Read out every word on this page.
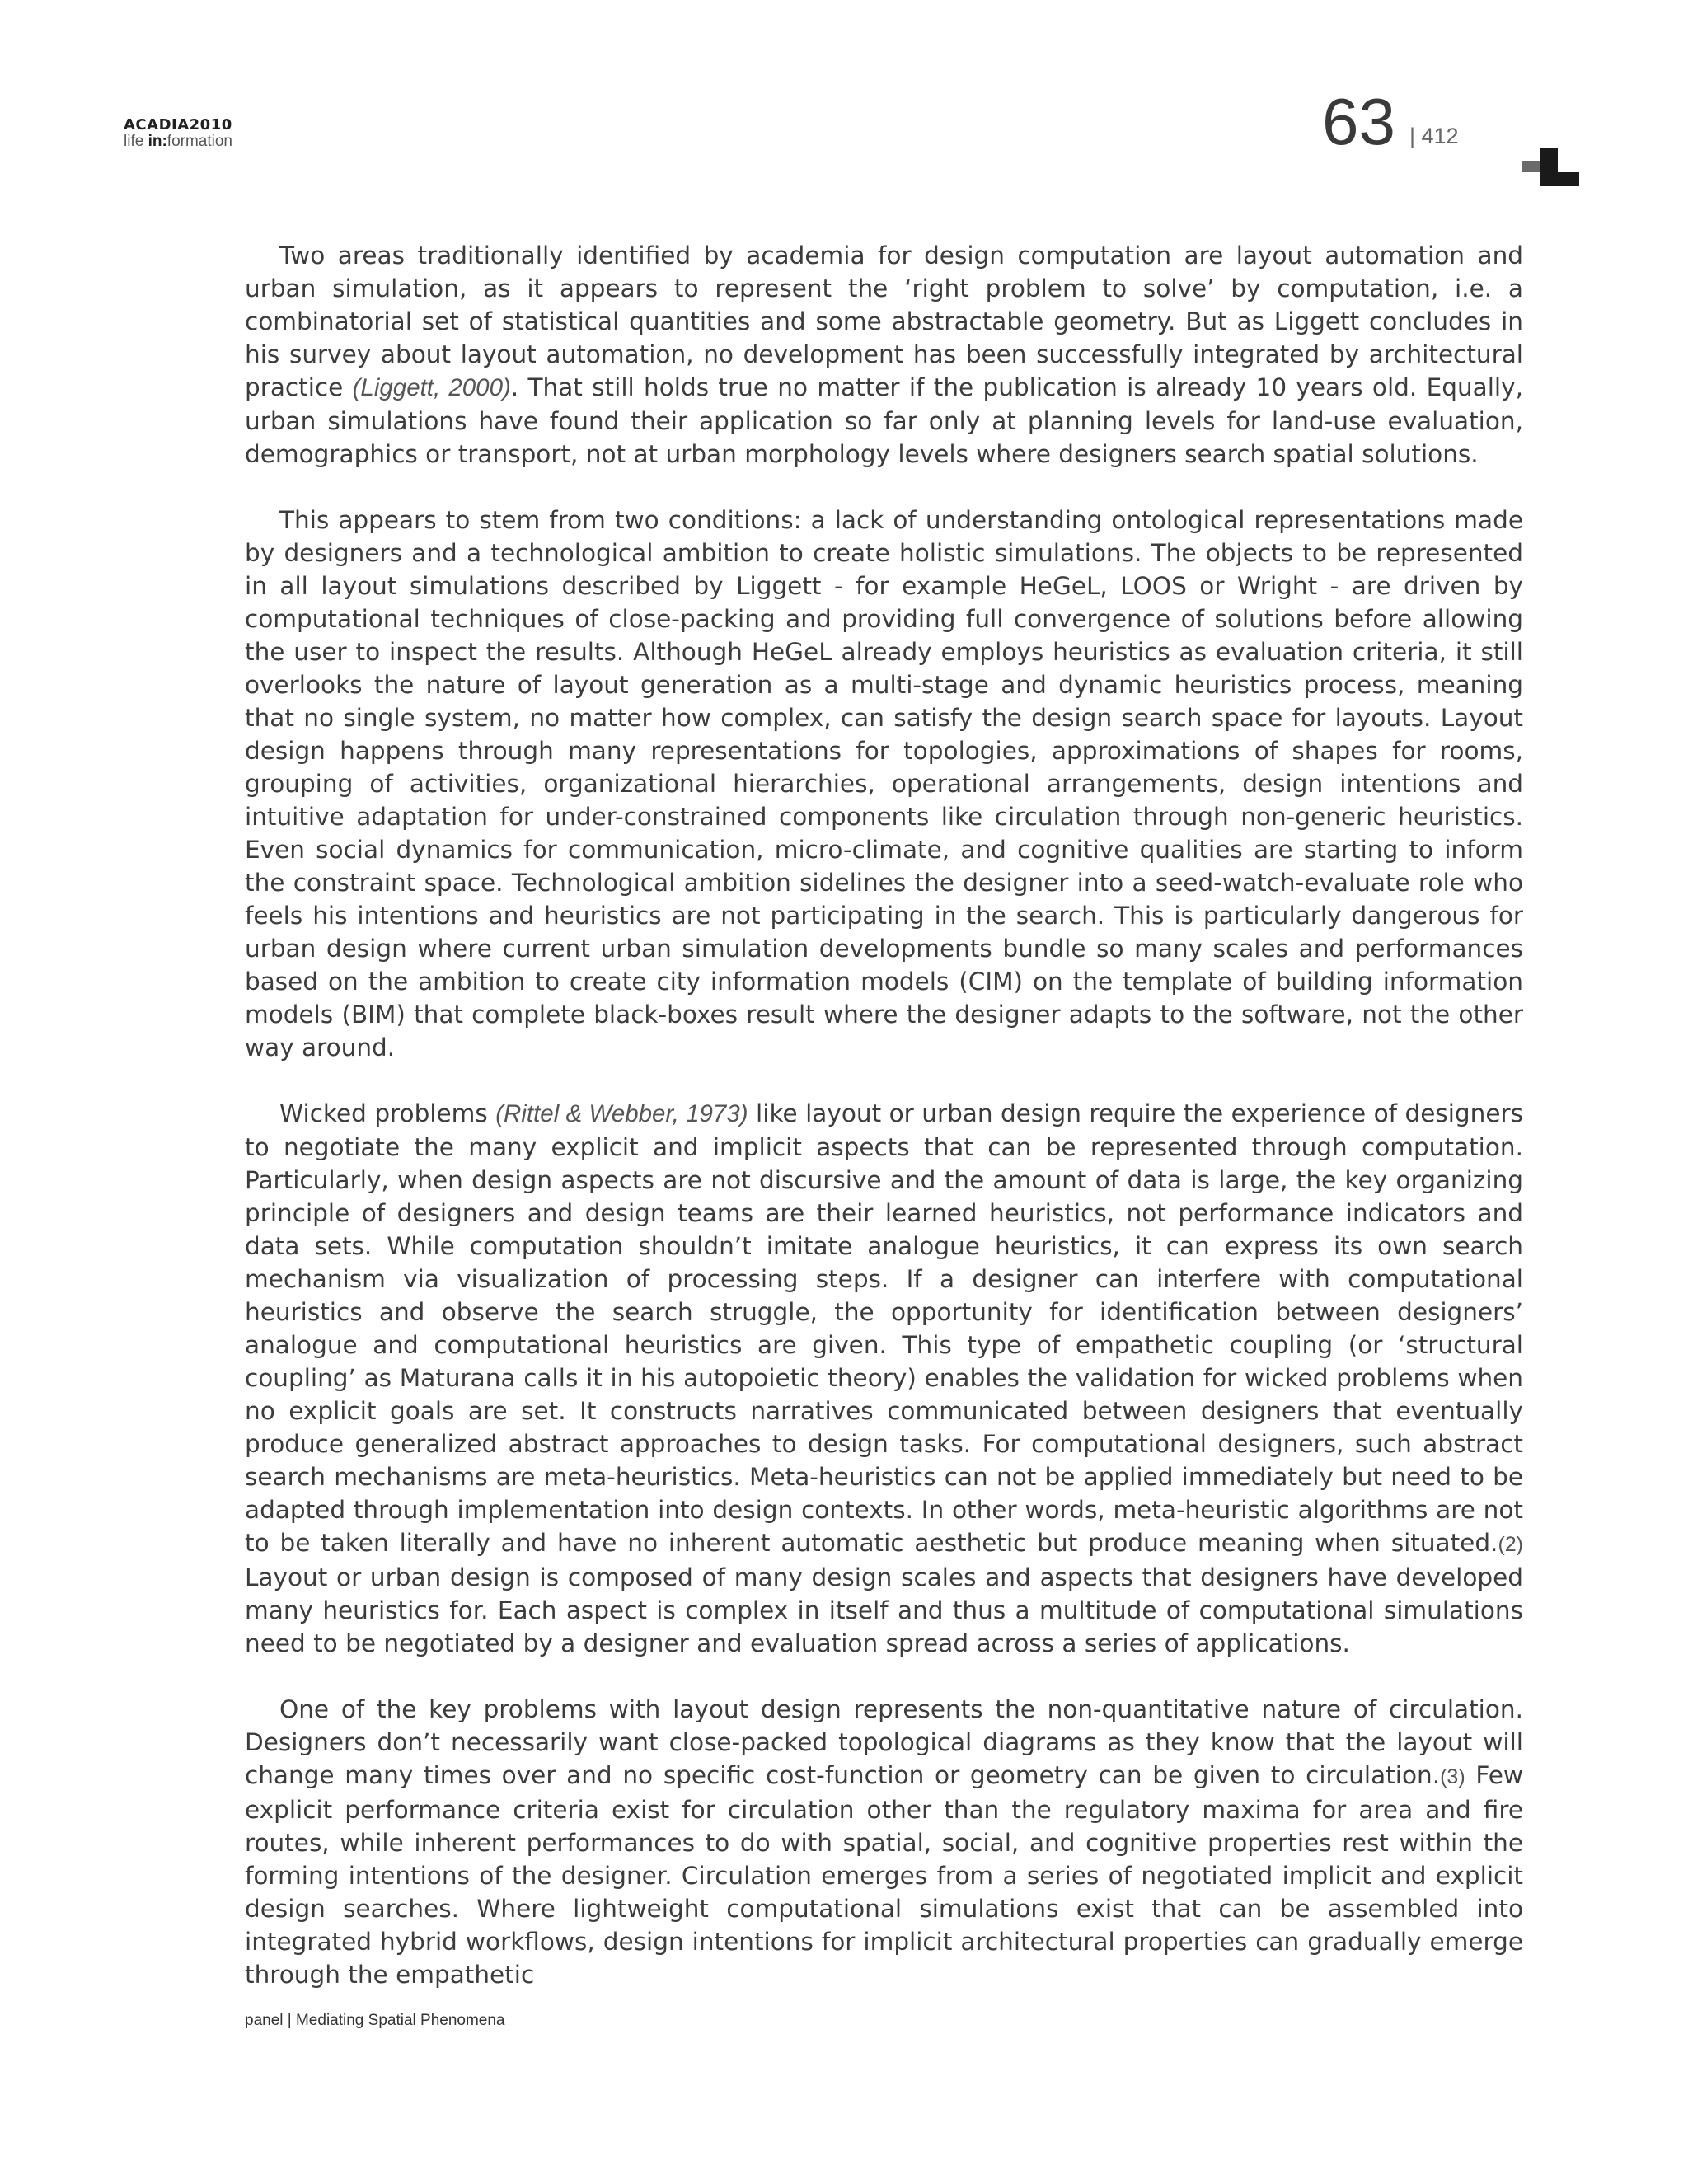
ACADIA2010
life in:formation	63 | 412

Two areas traditionally identified by academia for design computation are layout automation and urban simulation, as it appears to represent the ‘right problem to solve’ by computation, i.e. a combinatorial set of statistical quantities and some abstractable geometry. But as Liggett concludes in his survey about layout automation, no development has been successfully integrated by architectural practice (Liggett, 2000). That still holds true no matter if the publication is already 10 years old. Equally, urban simulations have found their application so far only at planning levels for land-use evaluation, demographics or transport, not at urban morphology levels where designers search spatial solutions.

This appears to stem from two conditions: a lack of understanding ontological representations made by designers and a technological ambition to create holistic simulations. The objects to be represented in all layout simulations described by Liggett - for example HeGeL, LOOS or Wright - are driven by computational techniques of close-packing and providing full convergence of solutions before allowing the user to inspect the results. Although HeGeL already employs heuristics as evaluation criteria, it still overlooks the nature of layout generation as a multi-stage and dynamic heuristics process, meaning that no single system, no matter how complex, can satisfy the design search space for layouts. Layout design happens through many representations for topologies, approximations of shapes for rooms, grouping of activities, organizational hierarchies, operational arrangements, design intentions and intuitive adaptation for under-constrained components like circulation through non-generic heuristics. Even social dynamics for communication, micro-climate, and cognitive qualities are starting to inform the constraint space. Technological ambition sidelines the designer into a seed-watch-evaluate role who feels his intentions and heuristics are not participating in the search. This is particularly dangerous for urban design where current urban simulation developments bundle so many scales and performances based on the ambition to create city information models (CIM) on the template of building information models (BIM) that complete black-boxes result where the designer adapts to the software, not the other way around.

Wicked problems (Rittel & Webber, 1973) like layout or urban design require the experience of designers to negotiate the many explicit and implicit aspects that can be represented through computation. Particularly, when design aspects are not discursive and the amount of data is large, the key organizing principle of designers and design teams are their learned heuristics, not performance indicators and data sets. While computation shouldn’t imitate analogue heuristics, it can express its own search mechanism via visualization of processing steps. If a designer can interfere with computational heuristics and observe the search struggle, the opportunity for identification between designers’ analogue and computational heuristics are given. This type of empathetic coupling (or ‘structural coupling’ as Maturana calls it in his autopoietic theory) enables the validation for wicked problems when no explicit goals are set. It constructs narratives communicated between designers that eventually produce generalized abstract approaches to design tasks. For computational designers, such abstract search mechanisms are meta-heuristics. Meta-heuristics can not be applied immediately but need to be adapted through implementation into design contexts. In other words, meta-heuristic algorithms are not to be taken literally and have no inherent automatic aesthetic but produce meaning when situated.(2) Layout or urban design is composed of many design scales and aspects that designers have developed many heuristics for. Each aspect is complex in itself and thus a multitude of computational simulations need to be negotiated by a designer and evaluation spread across a series of applications.

One of the key problems with layout design represents the non-quantitative nature of circulation. Designers don’t necessarily want close-packed topological diagrams as they know that the layout will change many times over and no specific cost-function or geometry can be given to circulation.(3) Few explicit performance criteria exist for circulation other than the regulatory maxima for area and fire routes, while inherent performances to do with spatial, social, and cognitive properties rest within the forming intentions of the designer. Circulation emerges from a series of negotiated implicit and explicit design searches. Where lightweight computational simulations exist that can be assembled into integrated hybrid workflows, design intentions for implicit architectural properties can gradually emerge through the empathetic

panel | Mediating Spatial Phenomena
